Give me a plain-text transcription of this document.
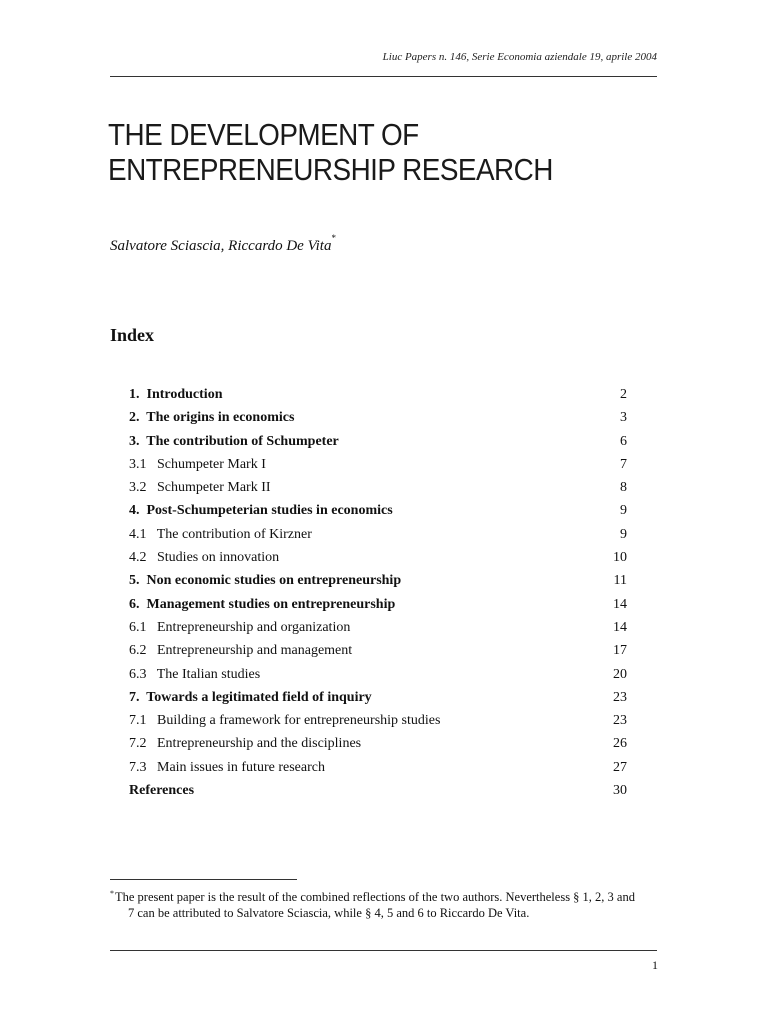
Liuc Papers n. 146, Serie Economia aziendale 19, aprile 2004
THE DEVELOPMENT OF
ENTREPRENEURSHIP RESEARCH
Salvatore Sciascia, Riccardo De Vita*
Index
1.  Introduction	2
2.  The origins in economics	3
3.  The contribution of Schumpeter	6
3.1   Schumpeter Mark I	7
3.2   Schumpeter Mark II	8
4.  Post-Schumpeterian studies in economics	9
4.1   The contribution of Kirzner	9
4.2   Studies on innovation	10
5.  Non economic studies on entrepreneurship	11
6.  Management studies on entrepreneurship	14
6.1   Entrepreneurship and organization	14
6.2   Entrepreneurship and management	17
6.3   The Italian studies	20
7.  Towards a legitimated field of inquiry	23
7.1   Building a framework for entrepreneurship studies	23
7.2   Entrepreneurship and the disciplines	26
7.3   Main issues in future research	27
References	30
*The present paper is the result of the combined reflections of the two authors. Nevertheless § 1, 2, 3 and
7 can be attributed to Salvatore Sciascia, while § 4, 5 and 6 to Riccardo De Vita.
1
